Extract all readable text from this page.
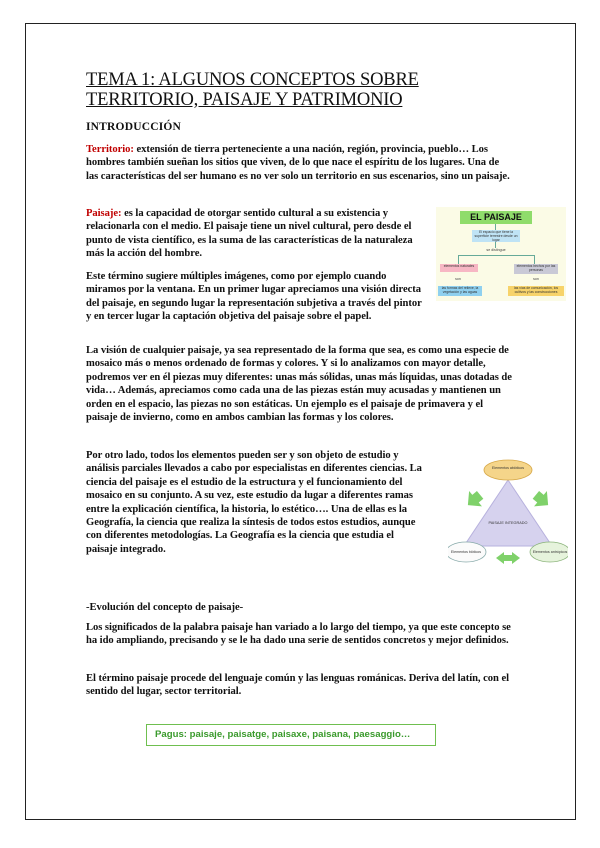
TEMA 1: ALGUNOS CONCEPTOS SOBRE TERRITORIO, PAISAJE Y PATRIMONIO
INTRODUCCIÓN

Territorio: extensión de tierra perteneciente a una nación, región, provincia, pueblo… Los hombres también sueñan los sitios que viven, de lo que nace el espíritu de los lugares. Una de las características del ser humano es no ver solo un territorio en sus escenarios, sino un paisaje.

Paisaje: es la capacidad de otorgar sentido cultural a su existencia y relacionarla con el medio. El paisaje tiene un nivel cultural, pero desde el punto de vista científico, es la suma de las características de la naturaleza más la acción del hombre.

Este término sugiere múltiples imágenes, como por ejemplo cuando miramos por la ventana. En un primer lugar apreciamos una visión directa del paisaje, en segundo lugar la representación subjetiva a través del pintor y en tercer lugar la captación objetiva del paisaje sobre el papel.

La visión de cualquier paisaje, ya sea representado de la forma que sea, es como una especie de mosaico más o menos ordenado de formas y colores. Y si lo analizamos con mayor detalle, podremos ver en él piezas muy diferentes: unas más sólidas, unas más líquidas, unas dotadas de vida… Además, apreciamos como cada una de las piezas están muy acusadas y mantienen un orden en el espacio, las piezas no son estáticas. Un ejemplo es el paisaje de primavera y el paisaje de invierno, como en ambos cambian las formas y los colores.

Por otro lado, todos los elementos pueden ser y son objeto de estudio y análisis parciales llevados a cabo por especialistas en diferentes ciencias. La ciencia del paisaje es el estudio de la estructura y el funcionamiento del mosaico en su conjunto. A su vez, este estudio da lugar a diferentes ramas entre la explicación científica, la historia, lo estético…. Una de ellas es la Geografía, la ciencia que realiza la síntesis de todos estos estudios, aunque con diferentes metodologías. La Geografía es la ciencia que estudia el paisaje integrado.

-Evolución del concepto de paisaje-

Los significados de la palabra paisaje han variado a lo largo del tiempo, ya que este concepto se ha ido ampliando, precisando y se le ha dado una serie de sentidos concretos y mejor definidos.

El término paisaje procede del lenguaje común y las lenguas románicas. Deriva del latín, con el sentido del lugar, sector territorial.

EL PAISAJE
El espacio que tiene la superficie terrestre desde un lugar
se distingue
elementos naturales	elementos hechos por las personas
son	son
las formas del relieve, la vegetación y las aguas
las vías de comunicación, los cultivos y las construcciones
Elementos abióticos
PAISAJE INTEGRADO
Elementos bióticos	Elementos antrópicos
Pagus: paisaje, paisatge, paisaxe, paisana, paesaggio…
